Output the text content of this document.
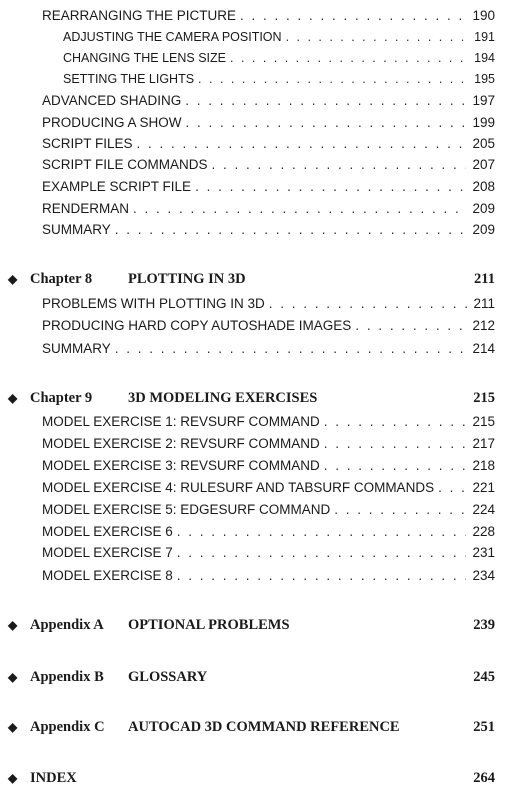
REARRANGING THE PICTURE . . .	190
ADJUSTING THE CAMERA POSITION . . .	191
CHANGING THE LENS SIZE . . .	194
SETTING THE LIGHTS . . .	195
ADVANCED SHADING . . .	197
PRODUCING A SHOW . . .	199
SCRIPT FILES . . .	205
SCRIPT FILE COMMANDS . . .	207
EXAMPLE SCRIPT FILE . . .	208
RENDERMAN . . .	209
SUMMARY . . .	209
◆ Chapter 8	PLOTTING IN 3D	211
PROBLEMS WITH PLOTTING IN 3D . . .	211
PRODUCING HARD COPY AUTOSHADE IMAGES . . .	212
SUMMARY . . .	214
◆ Chapter 9	3D MODELING EXERCISES	215
MODEL EXERCISE 1: REVSURF COMMAND . . .	215
MODEL EXERCISE 2: REVSURF COMMAND . . .	217
MODEL EXERCISE 3: REVSURF COMMAND . . .	218
MODEL EXERCISE 4: RULESURF AND TABSURF COMMANDS . . .	221
MODEL EXERCISE 5: EDGESURF COMMAND . . .	224
MODEL EXERCISE 6 . . .	228
MODEL EXERCISE 7 . . .	231
MODEL EXERCISE 8 . . .	234
◆ Appendix A	OPTIONAL PROBLEMS	239
◆ Appendix B	GLOSSARY	245
◆ Appendix C	AUTOCAD 3D COMMAND REFERENCE	251
◆ INDEX	264
